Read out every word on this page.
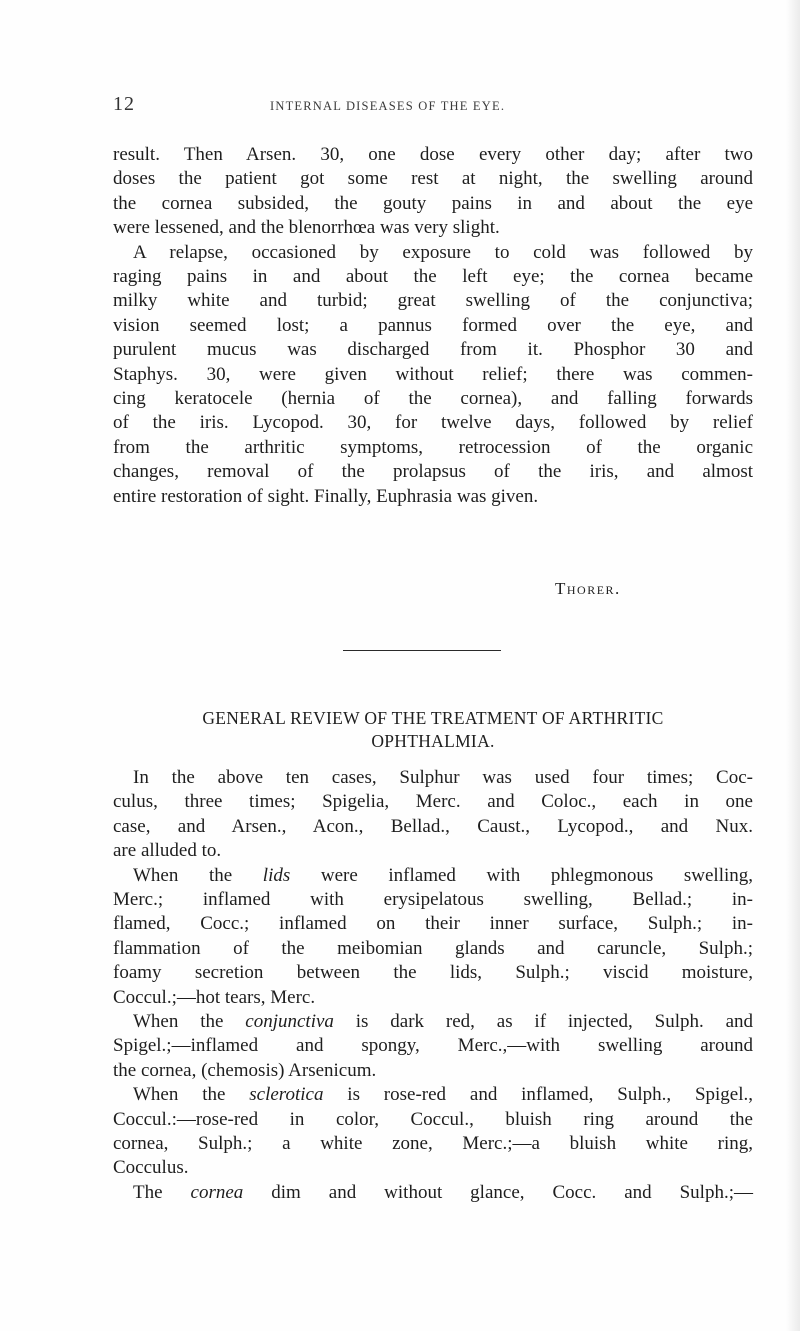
12	INTERNAL DISEASES OF THE EYE.
result. Then Arsen. 30, one dose every other day; after two
doses the patient got some rest at night, the swelling around
the cornea subsided, the gouty pains in and about the eye
were lessened, and the blenorrhœa was very slight.
A relapse, occasioned by exposure to cold was followed by
raging pains in and about the left eye; the cornea became
milky white and turbid; great swelling of the conjunctiva;
vision seemed lost; a pannus formed over the eye, and
purulent mucus was discharged from it. Phosphor 30 and
Staphys. 30, were given without relief; there was commen-
cing keratocele (hernia of the cornea), and falling forwards
of the iris. Lycopod. 30, for twelve days, followed by relief
from the arthritic symptoms, retrocession of the organic
changes, removal of the prolapsus of the iris, and almost
entire restoration of sight. Finally, Euphrasia was given.
Thorer.
GENERAL REVIEW OF THE TREATMENT OF ARTHRITIC
OPHTHALMIA.
In the above ten cases, Sulphur was used four times; Coc-
culus, three times; Spigelia, Merc. and Coloc., each in one
case, and Arsen., Acon., Bellad., Caust., Lycopod., and Nux.
are alluded to.
When the lids were inflamed with phlegmonous swelling,
Merc.; inflamed with erysipelatous swelling, Bellad.; in-
flamed, Cocc.; inflamed on their inner surface, Sulph.; in-
flammation of the meibomian glands and caruncle, Sulph.;
foamy secretion between the lids, Sulph.; viscid moisture,
Coccul.;—hot tears, Merc.
When the conjunctiva is dark red, as if injected, Sulph. and
Spigel.;—inflamed and spongy, Merc.,—with swelling around
the cornea, (chemosis) Arsenicum.
When the sclerotica is rose-red and inflamed, Sulph., Spigel.,
Coccul.:—rose-red in color, Coccul., bluish ring around the
cornea, Sulph.; a white zone, Merc.;—a bluish white ring,
Cocculus.
The cornea dim and without glance, Cocc. and Sulph.;—
